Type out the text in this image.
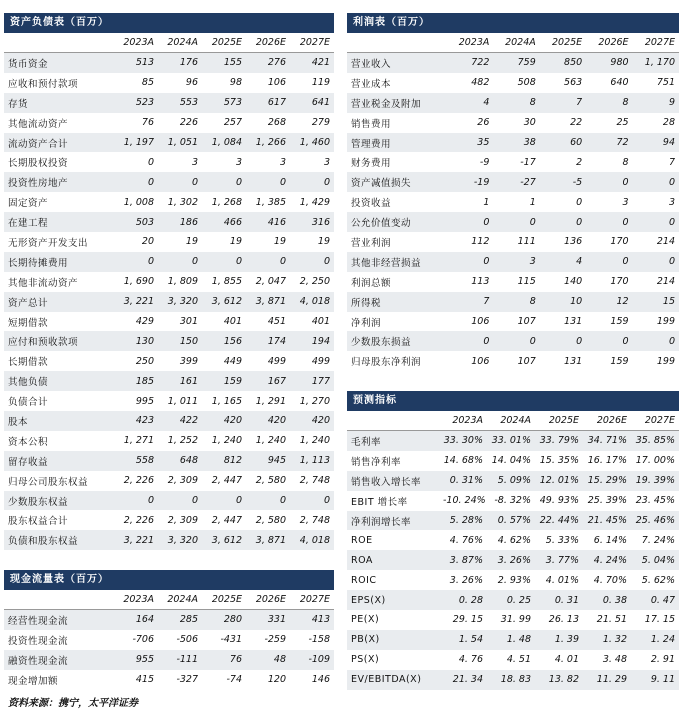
资产负债表（百万）
	2023A	2024A	2025E	2026E	2027E
货币资金	513	176	155	276	421
应收和预付款项	85	96	98	106	119
存货	523	553	573	617	641
其他流动资产	76	226	257	268	279
流动资产合计	1, 197	1, 051	1, 084	1, 266	1, 460
长期股权投资	0	3	3	3	3
投资性房地产	0	0	0	0	0
固定资产	1, 008	1, 302	1, 268	1, 385	1, 429
在建工程	503	186	466	416	316
无形资产开发支出	20	19	19	19	19
长期待摊费用	0	0	0	0	0
其他非流动资产	1, 690	1, 809	1, 855	2, 047	2, 250
资产总计	3, 221	3, 320	3, 612	3, 871	4, 018
短期借款	429	301	401	451	401
应付和预收款项	130	150	156	174	194
长期借款	250	399	449	499	499
其他负债	185	161	159	167	177
负债合计	995	1, 011	1, 165	1, 291	1, 270
股本	423	422	420	420	420
资本公积	1, 271	1, 252	1, 240	1, 240	1, 240
留存收益	558	648	812	945	1, 113
归母公司股东权益	2, 226	2, 309	2, 447	2, 580	2, 748
少数股东权益	0	0	0	0	0
股东权益合计	2, 226	2, 309	2, 447	2, 580	2, 748
负债和股东权益	3, 221	3, 320	3, 612	3, 871	4, 018
现金流量表（百万）
	2023A	2024A	2025E	2026E	2027E
经营性现金流	164	285	280	331	413
投资性现金流	-706	-506	-431	-259	-158
融资性现金流	955	-111	76	48	-109
现金增加额	415	-327	-74	120	146
利润表（百万）
	2023A	2024A	2025E	2026E	2027E
营业收入	722	759	850	980	1, 170
营业成本	482	508	563	640	751
营业税金及附加	4	8	7	8	9
销售费用	26	30	22	25	28
管理费用	35	38	60	72	94
财务费用	-9	-17	2	8	7
资产减值损失	-19	-27	-5	0	0
投资收益	1	1	0	3	3
公允价值变动	0	0	0	0	0
营业利润	112	111	136	170	214
其他非经营损益	0	3	4	0	0
利润总额	113	115	140	170	214
所得税	7	8	10	12	15
净利润	106	107	131	159	199
少数股东损益	0	0	0	0	0
归母股东净利润	106	107	131	159	199
预测指标
	2023A	2024A	2025E	2026E	2027E
毛利率	33. 30%	33. 01%	33. 79%	34. 71%	35. 85%
销售净利率	14. 68%	14. 04%	15. 35%	16. 17%	17. 00%
销售收入增长率	0. 31%	5. 09%	12. 01%	15. 29%	19. 39%
EBIT 增长率	-10. 24%	-8. 32%	49. 93%	25. 39%	23. 45%
净利润增长率	5. 28%	0. 57%	22. 44%	21. 45%	25. 46%
ROE	4. 76%	4. 62%	5. 33%	6. 14%	7. 24%
ROA	3. 87%	3. 26%	3. 77%	4. 24%	5. 04%
ROIC	3. 26%	2. 93%	4. 01%	4. 70%	5. 62%
EPS(X)	0. 28	0. 25	0. 31	0. 38	0. 47
PE(X)	29. 15	31. 99	26. 13	21. 51	17. 15
PB(X)	1. 54	1. 48	1. 39	1. 32	1. 24
PS(X)	4. 76	4. 51	4. 01	3. 48	2. 91
EV/EBITDA(X)	21. 34	18. 83	13. 82	11. 29	9. 11
资料来源：携宁，太平洋证券
